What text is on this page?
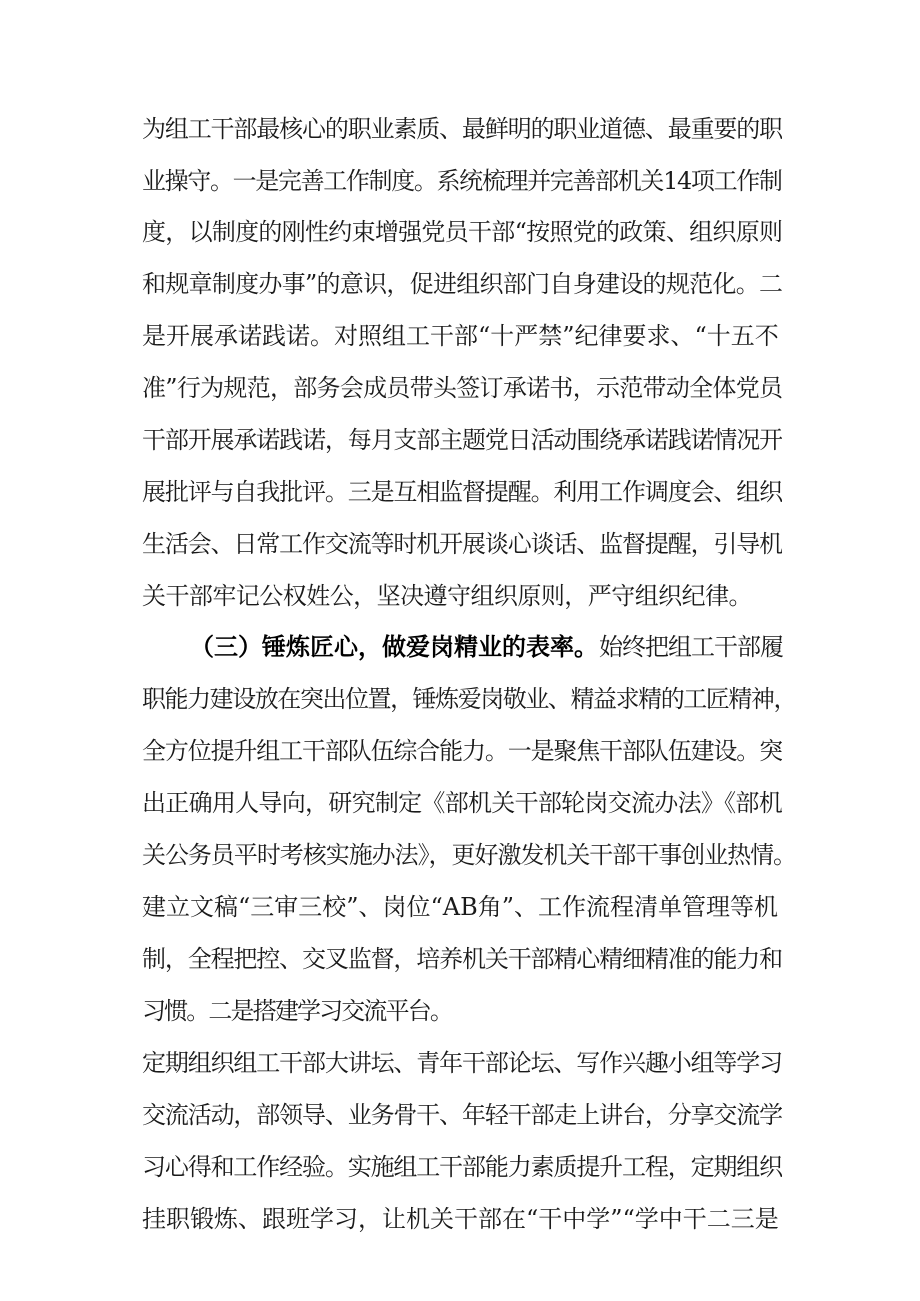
为组工干部最核心的职业素质、最鲜明的职业道德、最重要的职
业操守。一是完善工作制度。系统梳理并完善部机关14项工作制
度，以制度的刚性约束增强党员干部“按照党的政策、组织原则
和规章制度办事”的意识，促进组织部门自身建设的规范化。二
是开展承诺践诺。对照组工干部“十严禁”纪律要求、“十五不
准”行为规范，部务会成员带头签订承诺书，示范带动全体党员
干部开展承诺践诺，每月支部主题党日活动围绕承诺践诺情况开
展批评与自我批评。三是互相监督提醒。利用工作调度会、组织
生活会、日常工作交流等时机开展谈心谈话、监督提醒，引导机
关干部牢记公权姓公，坚决遵守组织原则，严守组织纪律。
（三）锤炼匠心，做爱岗精业的表率。 始终把组工干部履
职能力建设放在突出位置，锤炼爱岗敬业、精益求精的工匠精神，
全方位提升组工干部队伍综合能力。一是聚焦干部队伍建设。突
出正确用人导向，研究制定《部机关干部轮岗交流办法》《部机
关公务员平时考核实施办法》，更好激发机关干部干事创业热情。
建立文稿“三审三校”、岗位“AB角”、工作流程清单管理等机
制，全程把控、交叉监督，培养机关干部精心精细精准的能力和
习惯。二是搭建学习交流平台。
定期组织组工干部大讲坛、青年干部论坛、写作兴趣小组等学习
交流活动，部领导、业务骨干、年轻干部走上讲台，分享交流学
习心得和工作经验。实施组工干部能力素质提升工程，定期组织
挂职锻炼、跟班学习，让机关干部在“干中学”“学中干二三是
